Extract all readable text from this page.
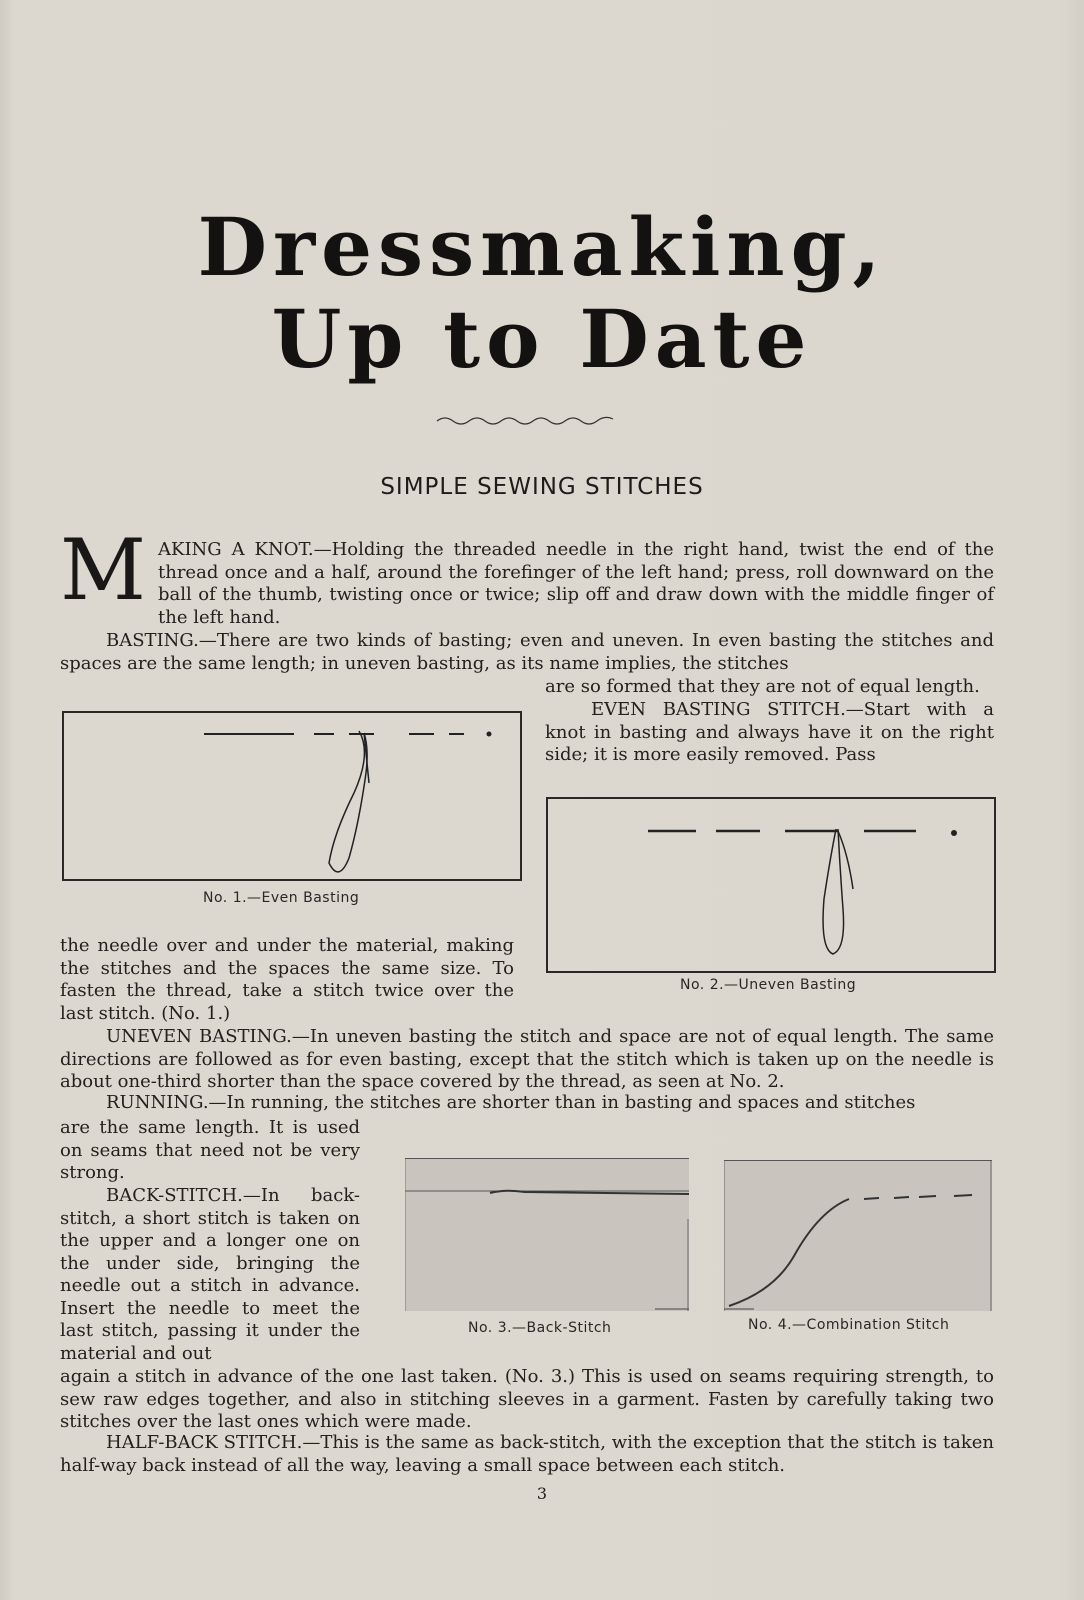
Dressmaking,
Up to Date
SIMPLE SEWING STITCHES
M AKING A KNOT.—Holding the threaded needle in the right hand, twist the end of the thread once and a half, around the forefinger of the left hand; press, roll downward on the ball of the thumb, twisting once or twice; slip off and draw down with the middle finger of the left hand.
BASTING.—There are two kinds of basting; even and uneven. In even basting the stitches and spaces are the same length; in uneven basting, as its name implies, the stitches
are so formed that they are not of equal length.
EVEN BASTING STITCH.—Start with a knot in basting and always have it on the right side; it is more easily removed. Pass
No. 1.—Even Basting
No. 2.—Uneven Basting
the needle over and under the material, making the stitches and the spaces the same size. To fasten the thread, take a stitch twice over the last stitch. (No. 1.)
UNEVEN BASTING.—In uneven basting the stitch and space are not of equal length. The same directions are followed as for even basting, except that the stitch which is taken up on the needle is about one-third shorter than the space covered by the thread, as seen at No. 2.
RUNNING.—In running, the stitches are shorter than in basting and spaces and stitches
are the same length. It is used on seams that need not be very strong.
BACK-STITCH.—In back-stitch, a short stitch is taken on the upper and a longer one on the under side, bringing the needle out a stitch in advance. Insert the needle to meet the last stitch, passing it under the material and out
No. 3.—Back-Stitch	No. 4.—Combination Stitch
again a stitch in advance of the one last taken. (No. 3.) This is used on seams requiring strength, to sew raw edges together, and also in stitching sleeves in a garment. Fasten by carefully taking two stitches over the last ones which were made.
HALF-BACK STITCH.—This is the same as back-stitch, with the exception that the stitch is taken half-way back instead of all the way, leaving a small space between each stitch.
3
